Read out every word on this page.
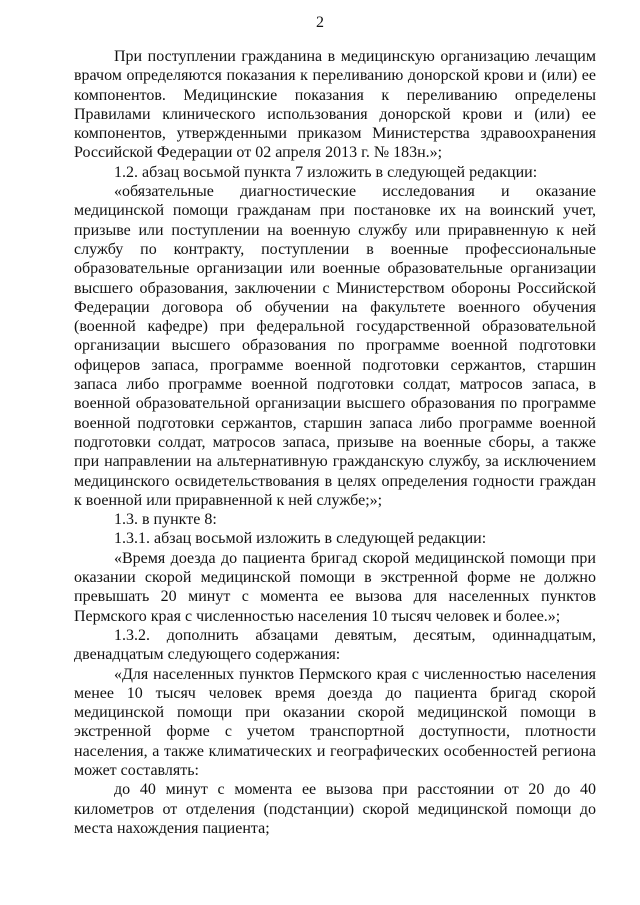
2

При поступлении гражданина в медицинскую организацию лечащим врачом определяются показания к переливанию донорской крови и (или) ее компонентов. Медицинские показания к переливанию определены Правилами клинического использования донорской крови и (или) ее компонентов, утвержденными приказом Министерства здравоохранения Российской Федерации от 02 апреля 2013 г. № 183н.»;

1.2. абзац восьмой пункта 7 изложить в следующей редакции:

«обязательные диагностические исследования и оказание медицинской помощи гражданам при постановке их на воинский учет, призыве или поступлении на военную службу или приравненную к ней службу по контракту, поступлении в военные профессиональные образовательные организации или военные образовательные организации высшего образования, заключении с Министерством обороны Российской Федерации договора об обучении на факультете военного обучения (военной кафедре) при федеральной государственной образовательной организации высшего образования по программе военной подготовки офицеров запаса, программе военной подготовки сержантов, старшин запаса либо программе военной подготовки солдат, матросов запаса, в военной образовательной организации высшего образования по программе военной подготовки сержантов, старшин запаса либо программе военной подготовки солдат, матросов запаса, призыве на военные сборы, а также при направлении на альтернативную гражданскую службу, за исключением медицинского освидетельствования в целях определения годности граждан к военной или приравненной к ней службе;»;

1.3. в пункте 8:

1.3.1. абзац восьмой изложить в следующей редакции:

«Время доезда до пациента бригад скорой медицинской помощи при оказании скорой медицинской помощи в экстренной форме не должно превышать 20 минут с момента ее вызова для населенных пунктов Пермского края с численностью населения 10 тысяч человек и более.»;

1.3.2. дополнить абзацами девятым, десятым, одиннадцатым, двенадцатым следующего содержания:

«Для населенных пунктов Пермского края с численностью населения менее 10 тысяч человек время доезда до пациента бригад скорой медицинской помощи при оказании скорой медицинской помощи в экстренной форме с учетом транспортной доступности, плотности населения, а также климатических и географических особенностей региона может составлять:

до 40 минут с момента ее вызова при расстоянии от 20 до 40 километров от отделения (подстанции) скорой медицинской помощи до места нахождения пациента;
